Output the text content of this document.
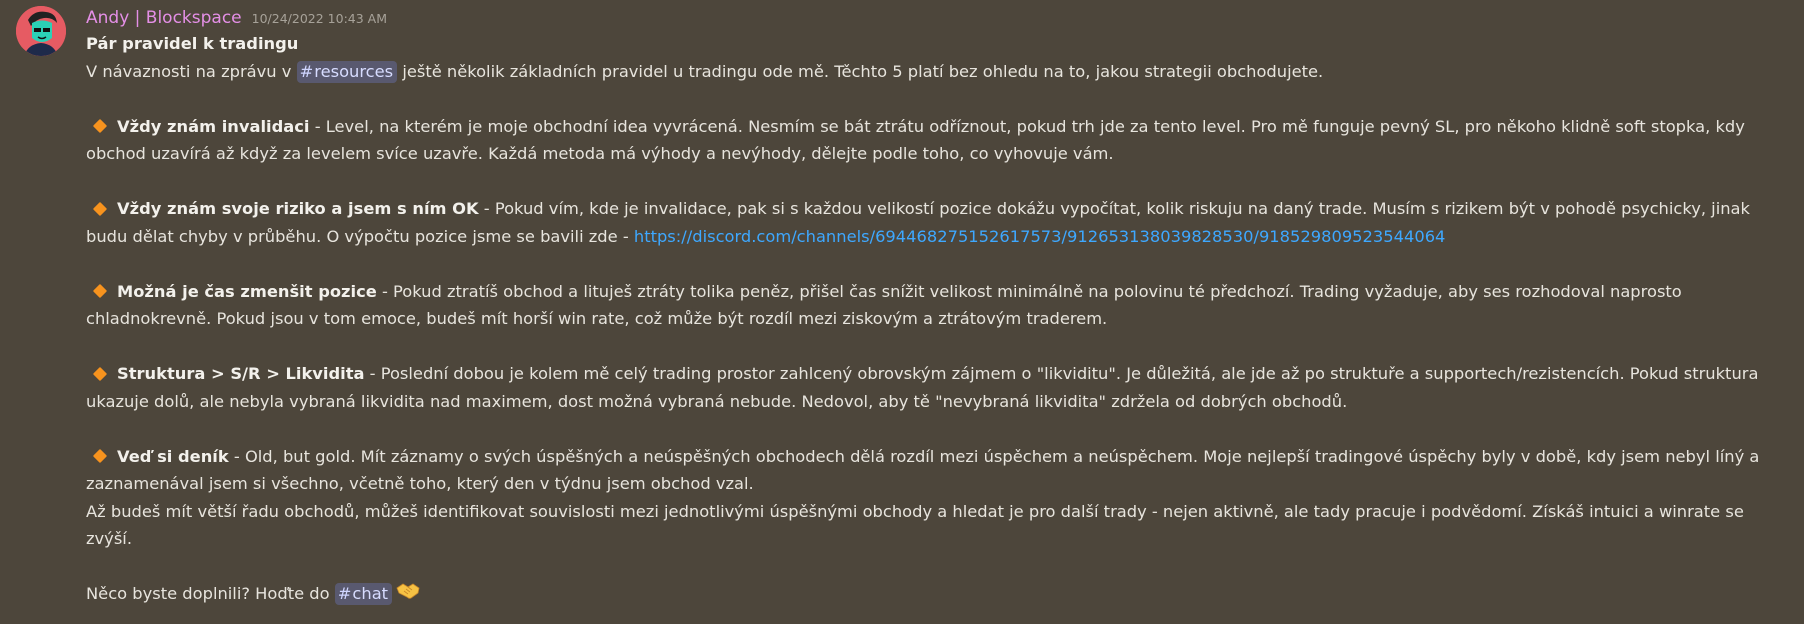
Andy | Blockspace 10/24/2022 10:43 AM
Pár pravidel k tradingu
V návaznosti na zprávu v #resources ještě několik základních pravidel u tradingu ode mě. Těchto 5 platí bez ohledu na to, jakou strategii obchodujete.
Vždy znám invalidaci - Level, na kterém je moje obchodní idea vyvrácená. Nesmím se bát ztrátu odříznout, pokud trh jde za tento level. Pro mě funguje pevný SL, pro někoho klidně soft stopka, kdy obchod uzavírá až když za levelem svíce uzavře. Každá metoda má výhody a nevýhody, dělejte podle toho, co vyhovuje vám.
Vždy znám svoje riziko a jsem s ním OK - Pokud vím, kde je invalidace, pak si s každou velikostí pozice dokážu vypočítat, kolik riskuju na daný trade. Musím s rizikem být v pohodě psychicky, jinak budu dělat chyby v průběhu. O výpočtu pozice jsme se bavili zde - https://discord.com/channels/694468275152617573/912653138039828530/918529809523544064
Možná je čas zmenšit pozice - Pokud ztratíš obchod a lituješ ztráty tolika peněz, přišel čas snížit velikost minimálně na polovinu té předchozí. Trading vyžaduje, aby ses rozhodoval naprosto chladnokrevně. Pokud jsou v tom emoce, budeš mít horší win rate, což může být rozdíl mezi ziskovým a ztrátovým traderem.
Struktura > S/R > Likvidita - Poslední dobou je kolem mě celý trading prostor zahlcený obrovským zájmem o "likviditu". Je důležitá, ale jde až po struktuře a supportech/rezistencích. Pokud struktura ukazuje dolů, ale nebyla vybraná likvidita nad maximem, dost možná vybraná nebude. Nedovol, aby tě "nevybraná likvidita" zdržela od dobrých obchodů.
Veď si deník - Old, but gold. Mít záznamy o svých úspěšných a neúspěšných obchodech dělá rozdíl mezi úspěchem a neúspěchem. Moje nejlepší tradingové úspěchy byly v době, kdy jsem nebyl líný a zaznamenával jsem si všechno, včetně toho, který den v týdnu jsem obchod vzal.
Až budeš mít větší řadu obchodů, můžeš identifikovat souvislosti mezi jednotlivými úspěšnými obchody a hledat je pro další trady - nejen aktivně, ale tady pracuje i podvědomí. Získáš intuici a winrate se zvýší.
Něco byste doplnili? Hoďte do #chat
